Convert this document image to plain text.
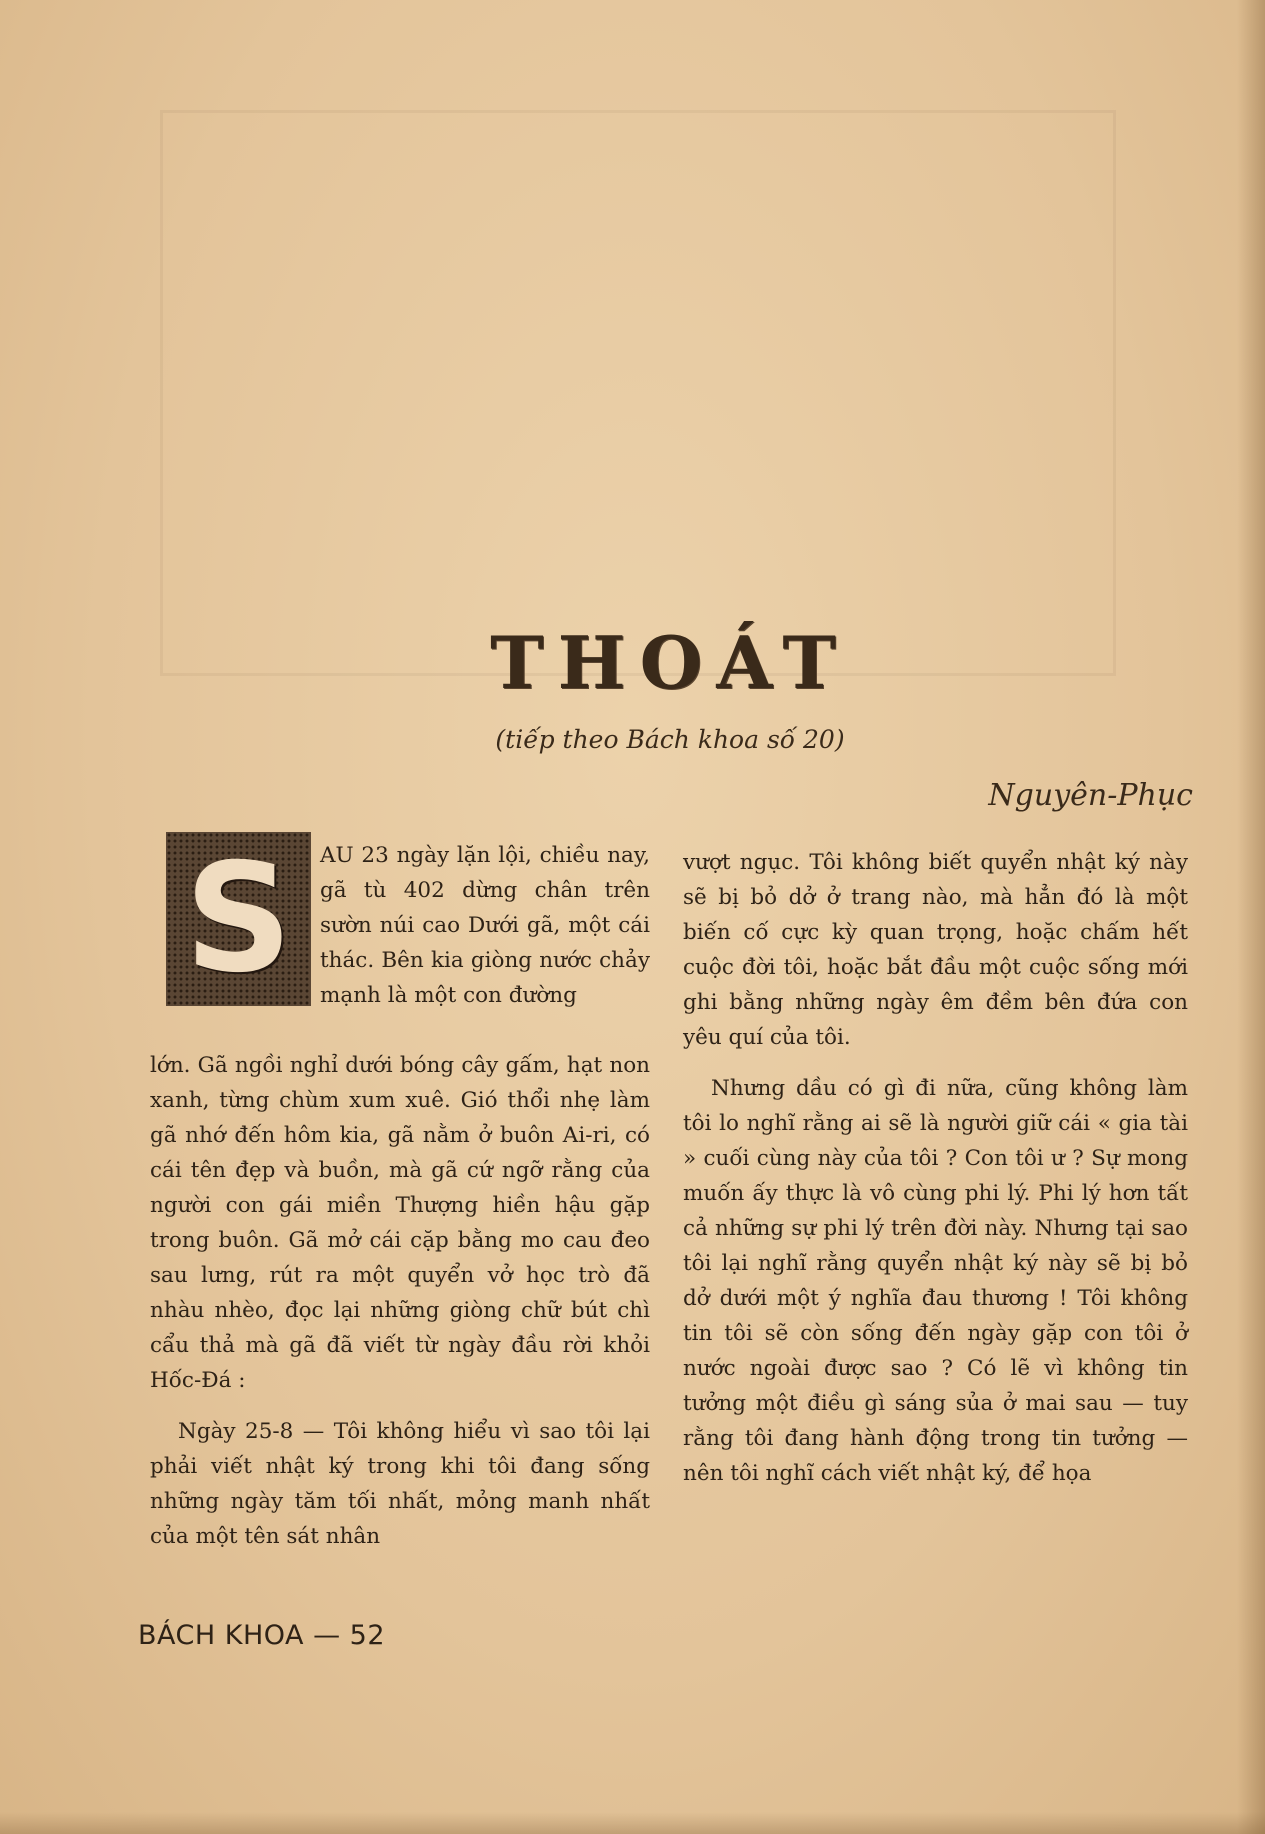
THOÁT
(tiếp theo Bách khoa số 20)
Nguyên-Phục
S AU 23 ngày lặn lội, chiều nay, gã tù 402 dừng chân trên sườn núi cao Dưới gã, một cái thác. Bên kia giòng nước chảy mạnh là một con đường

lớn. Gã ngồi nghỉ dưới bóng cây gấm, hạt non xanh, từng chùm xum xuê. Gió thổi nhẹ làm gã nhớ đến hôm kia, gã nằm ở buôn Ai-ri, có cái tên đẹp và buồn, mà gã cứ ngỡ rằng của người con gái miền Thượng hiền hậu gặp trong buôn. Gã mở cái cặp bằng mo cau đeo sau lưng, rút ra một quyển vở học trò đã nhàu nhèo, đọc lại những giòng chữ bút chì cẩu thả mà gã đã viết từ ngày đầu rời khỏi Hốc-Đá :

Ngày 25-8 — Tôi không hiểu vì sao tôi lại phải viết nhật ký trong khi tôi đang sống những ngày tăm tối nhất, mỏng manh nhất của một tên sát nhân

vượt ngục. Tôi không biết quyển nhật ký này sẽ bị bỏ dở ở trang nào, mà hẳn đó là một biến cố cực kỳ quan trọng, hoặc chấm hết cuộc đời tôi, hoặc bắt đầu một cuộc sống mới ghi bằng những ngày êm đềm bên đứa con yêu quí của tôi.

Nhưng dầu có gì đi nữa, cũng không làm tôi lo nghĩ rằng ai sẽ là người giữ cái « gia tài » cuối cùng này của tôi ? Con tôi ư ? Sự mong muốn ấy thực là vô cùng phi lý. Phi lý hơn tất cả những sự phi lý trên đời này. Nhưng tại sao tôi lại nghĩ rằng quyển nhật ký này sẽ bị bỏ dở dưới một ý nghĩa đau thương ! Tôi không tin tôi sẽ còn sống đến ngày gặp con tôi ở nước ngoài được sao ? Có lẽ vì không tin tưởng một điều gì sáng sủa ở mai sau — tuy rằng tôi đang hành động trong tin tưởng — nên tôi nghĩ cách viết nhật ký, để họa

BÁCH KHOA — 52
